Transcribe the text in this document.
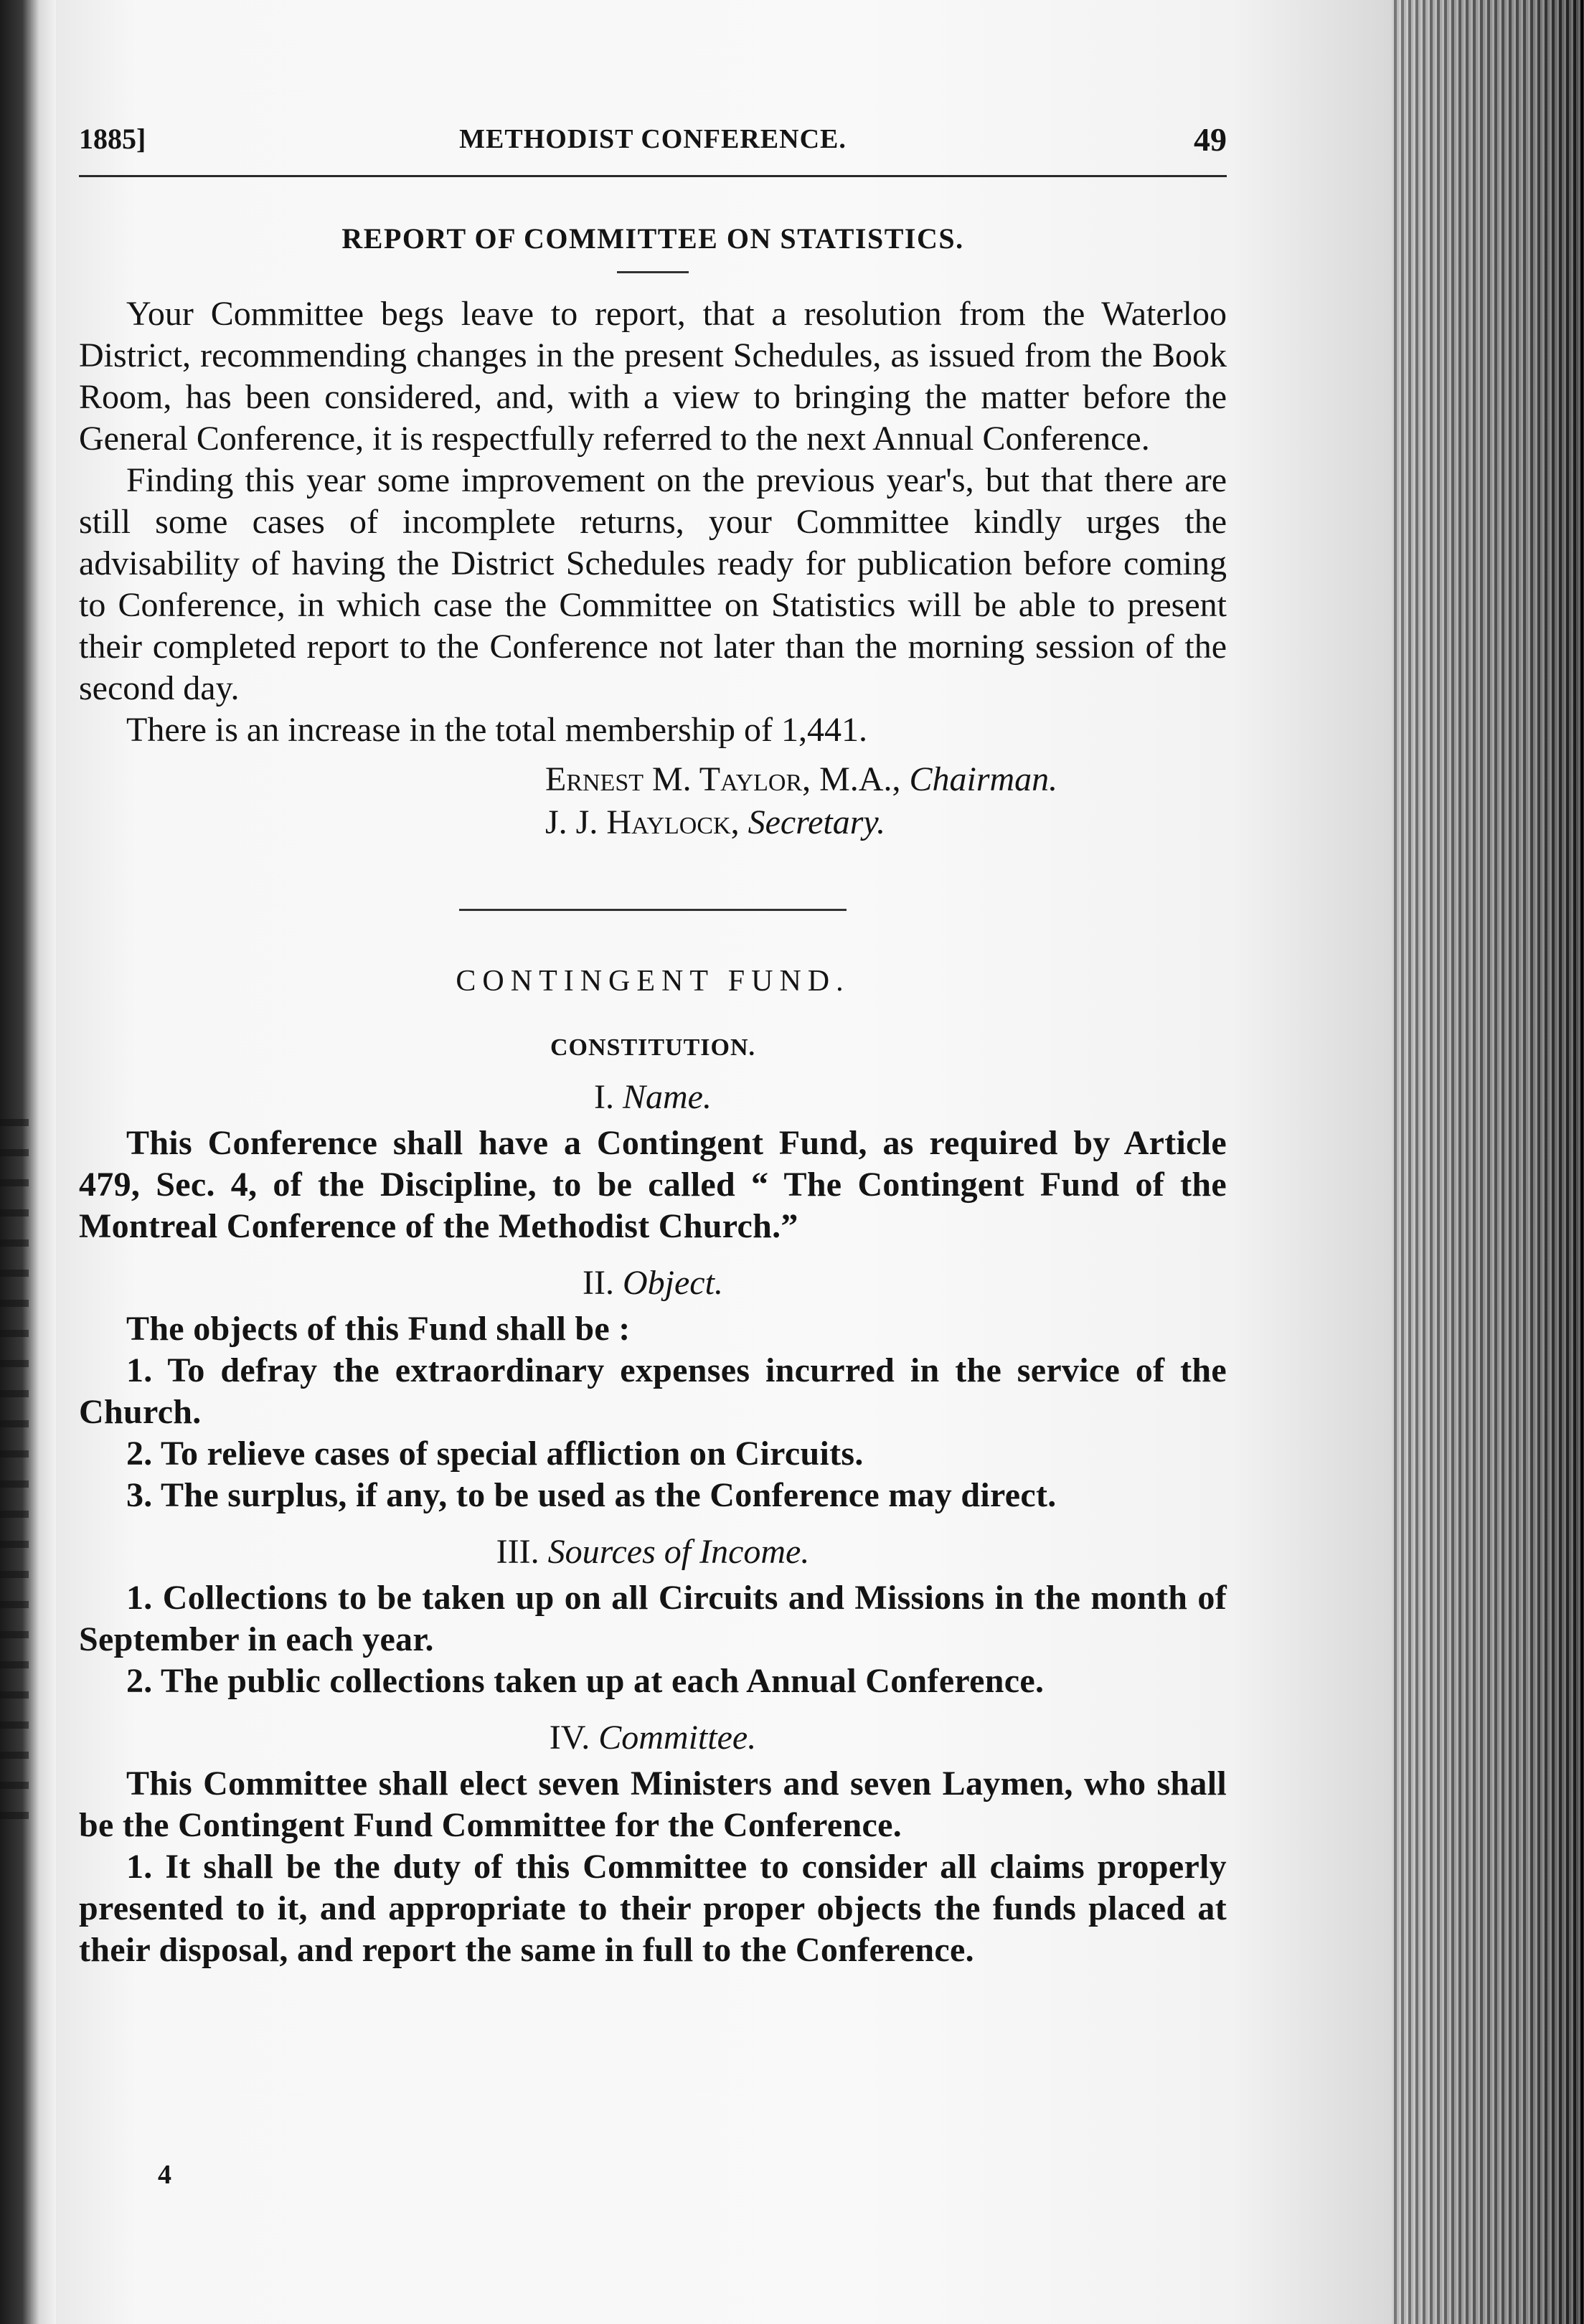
1885]	METHODIST CONFERENCE.	49
REPORT OF COMMITTEE ON STATISTICS.

Your Committee begs leave to report, that a resolution from the Waterloo District, recommending changes in the present Schedules, as issued from the Book Room, has been considered, and, with a view to bringing the matter before the General Conference, it is respectfully referred to the next Annual Conference.

Finding this year some improvement on the previous year's, but that there are still some cases of incomplete returns, your Committee kindly urges the advisability of having the District Schedules ready for publication before coming to Conference, in which case the Committee on Statistics will be able to present their completed report to the Conference not later than the morning session of the second day.

There is an increase in the total membership of 1,441.

Ernest M. Taylor, M.A., Chairman.
J. J. Haylock, Secretary.
CONTINGENT FUND.
CONSTITUTION.
I. Name.

This Conference shall have a Contingent Fund, as required by Article 479, Sec. 4, of the Discipline, to be called “ The Contingent Fund of the Montreal Conference of the Methodist Church.”

II. Object.

The objects of this Fund shall be :

1. To defray the extraordinary expenses incurred in the service of the Church.

2. To relieve cases of special affliction on Circuits.

3. The surplus, if any, to be used as the Conference may direct.

III. Sources of Income.

1. Collections to be taken up on all Circuits and Missions in the month of September in each year.

2. The public collections taken up at each Annual Conference.

IV. Committee.

This Committee shall elect seven Ministers and seven Laymen, who shall be the Contingent Fund Committee for the Conference.

1. It shall be the duty of this Committee to consider all claims properly presented to it, and appropriate to their proper objects the funds placed at their disposal, and report the same in full to the Conference.

4
